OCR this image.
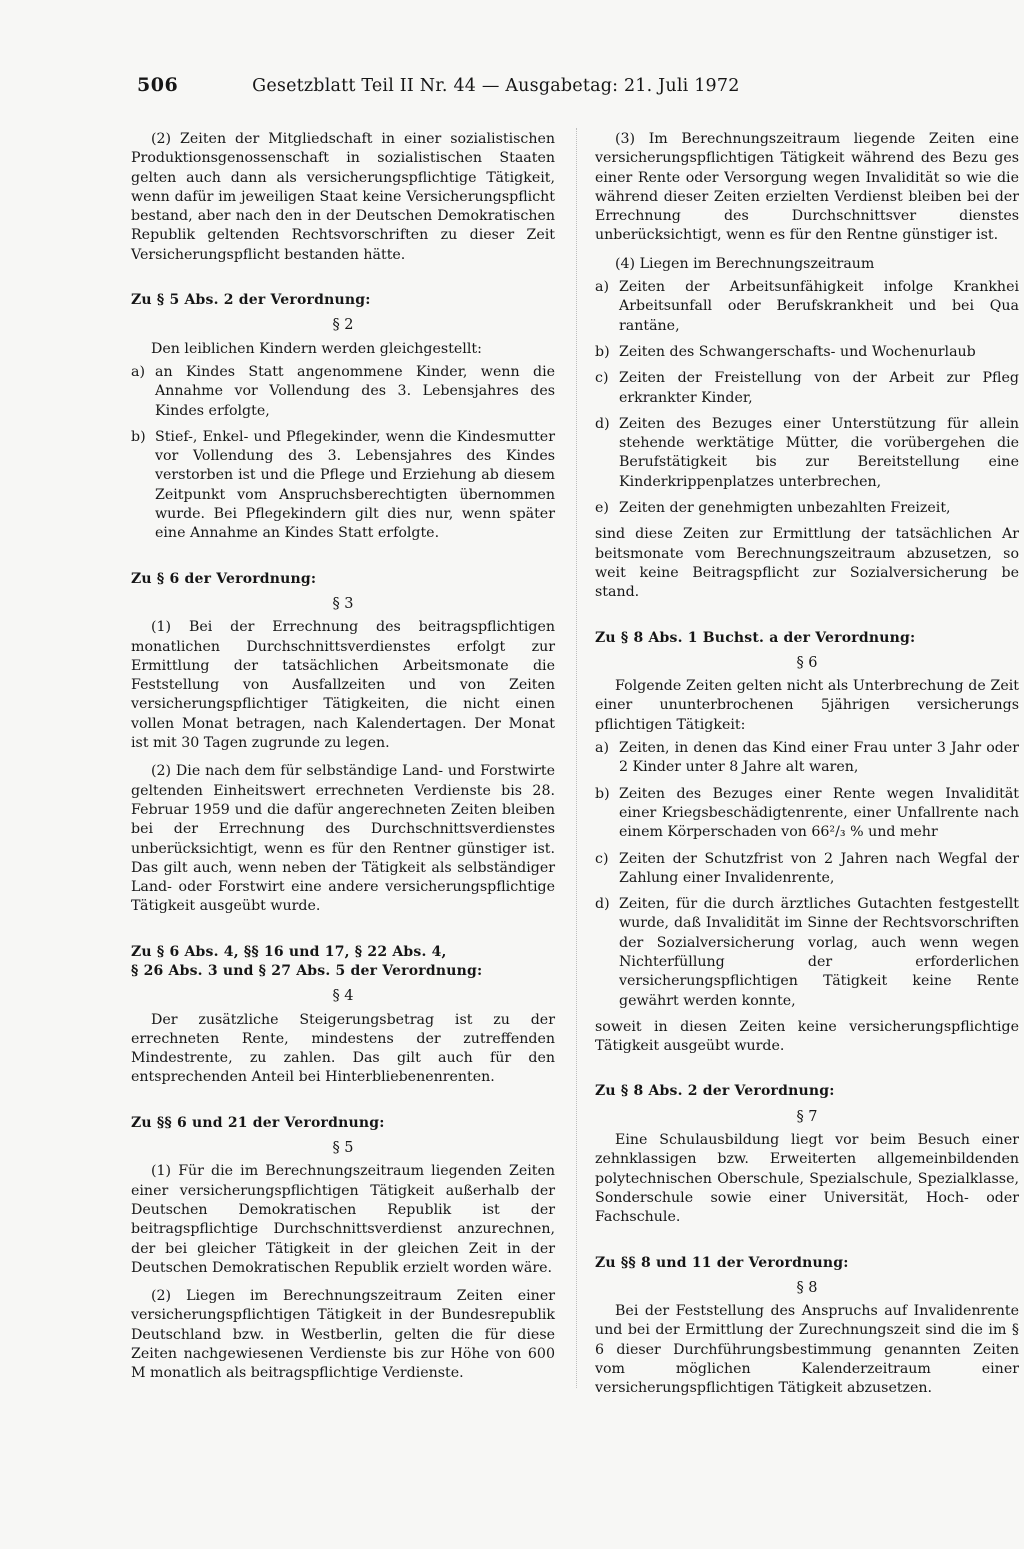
506	Gesetzblatt Teil II Nr. 44 — Ausgabetag: 21. Juli 1972

(2) Zeiten der Mitgliedschaft in einer sozialistischen Produktionsgenossenschaft in sozialistischen Staaten gelten auch dann als versicherungspflichtige Tätigkeit, wenn dafür im jeweiligen Staat keine Versicherungspflicht bestand, aber nach den in der Deutschen Demokratischen Republik geltenden Rechtsvorschriften zu dieser Zeit Versicherungspflicht bestanden hätte.

Zu § 5 Abs. 2 der Verordnung:

§ 2

Den leiblichen Kindern werden gleichgestellt:

a) an Kindes Statt angenommene Kinder, wenn die Annahme vor Vollendung des 3. Lebensjahres des Kindes erfolgte,
b) Stief-, Enkel- und Pflegekinder, wenn die Kindesmutter vor Vollendung des 3. Lebensjahres des Kindes verstorben ist und die Pflege und Erziehung ab diesem Zeitpunkt vom Anspruchsberechtigten übernommen wurde. Bei Pflegekindern gilt dies nur, wenn später eine Annahme an Kindes Statt erfolgte.

Zu § 6 der Verordnung:

§ 3

(1) Bei der Errechnung des beitragspflichtigen monatlichen Durchschnittsverdienstes erfolgt zur Ermittlung der tatsächlichen Arbeitsmonate die Feststellung von Ausfallzeiten und von Zeiten versicherungspflichtiger Tätigkeiten, die nicht einen vollen Monat betragen, nach Kalendertagen. Der Monat ist mit 30 Tagen zugrunde zu legen.

(2) Die nach dem für selbständige Land- und Forstwirte geltenden Einheitswert errechneten Verdienste bis 28. Februar 1959 und die dafür angerechneten Zeiten bleiben bei der Errechnung des Durchschnittsverdienstes unberücksichtigt, wenn es für den Rentner günstiger ist. Das gilt auch, wenn neben der Tätigkeit als selbständiger Land- oder Forstwirt eine andere versicherungspflichtige Tätigkeit ausgeübt wurde.

Zu § 6 Abs. 4, §§ 16 und 17, § 22 Abs. 4,
§ 26 Abs. 3 und § 27 Abs. 5 der Verordnung:

§ 4

Der zusätzliche Steigerungsbetrag ist zu der errechneten Rente, mindestens der zutreffenden Mindestrente, zu zahlen. Das gilt auch für den entsprechenden Anteil bei Hinterbliebenenrenten.

Zu §§ 6 und 21 der Verordnung:

§ 5

(1) Für die im Berechnungszeitraum liegenden Zeiten einer versicherungspflichtigen Tätigkeit außerhalb der Deutschen Demokratischen Republik ist der beitragspflichtige Durchschnittsverdienst anzurechnen, der bei gleicher Tätigkeit in der gleichen Zeit in der Deutschen Demokratischen Republik erzielt worden wäre.

(2) Liegen im Berechnungszeitraum Zeiten einer versicherungspflichtigen Tätigkeit in der Bundesrepublik Deutschland bzw. in Westberlin, gelten die für diese Zeiten nachgewiesenen Verdienste bis zur Höhe von 600 M monatlich als beitragspflichtige Verdienste.

(3) Im Berechnungszeitraum liegende Zeiten eine versicherungspflichtigen Tätigkeit während des Bezu ges einer Rente oder Versorgung wegen Invalidität so wie die während dieser Zeiten erzielten Verdienst bleiben bei der Errechnung des Durchschnittsver dienstes unberücksichtigt, wenn es für den Rentne günstiger ist.

(4) Liegen im Berechnungszeitraum

a) Zeiten der Arbeitsunfähigkeit infolge Krankhei Arbeitsunfall oder Berufskrankheit und bei Qua rantäne,
b) Zeiten des Schwangerschafts- und Wochenurlaub
c) Zeiten der Freistellung von der Arbeit zur Pfleg erkrankter Kinder,
d) Zeiten des Bezuges einer Unterstützung für allein stehende werktätige Mütter, die vorübergehen die Berufstätigkeit bis zur Bereitstellung eine Kinderkrippenplatzes unterbrechen,
e) Zeiten der genehmigten unbezahlten Freizeit,

sind diese Zeiten zur Ermittlung der tatsächlichen Ar beitsmonate vom Berechnungszeitraum abzusetzen, so weit keine Beitragspflicht zur Sozialversicherung be stand.

Zu § 8 Abs. 1 Buchst. a der Verordnung:

§ 6

Folgende Zeiten gelten nicht als Unterbrechung de Zeit einer ununterbrochenen 5jährigen versicherungs pflichtigen Tätigkeit:

a) Zeiten, in denen das Kind einer Frau unter 3 Jahr oder 2 Kinder unter 8 Jahre alt waren,
b) Zeiten des Bezuges einer Rente wegen Invalidität einer Kriegsbeschädigtenrente, einer Unfallrente nach einem Körperschaden von 66²/₃ % und mehr
c) Zeiten der Schutzfrist von 2 Jahren nach Wegfal der Zahlung einer Invalidenrente,
d) Zeiten, für die durch ärztliches Gutachten festgestellt wurde, daß Invalidität im Sinne der Rechtsvorschriften der Sozialversicherung vorlag, auch wenn wegen Nichterfüllung der erforderlichen versicherungspflichtigen Tätigkeit keine Rente gewährt werden konnte,

soweit in diesen Zeiten keine versicherungspflichtige Tätigkeit ausgeübt wurde.

Zu § 8 Abs. 2 der Verordnung:

§ 7

Eine Schulausbildung liegt vor beim Besuch einer zehnklassigen bzw. Erweiterten allgemeinbildenden polytechnischen Oberschule, Spezialschule, Spezialklasse, Sonderschule sowie einer Universität, Hoch- oder Fachschule.

Zu §§ 8 und 11 der Verordnung:

§ 8

Bei der Feststellung des Anspruchs auf Invalidenrente und bei der Ermittlung der Zurechnungszeit sind die im § 6 dieser Durchführungsbestimmung genannten Zeiten vom möglichen Kalenderzeitraum einer versicherungspflichtigen Tätigkeit abzusetzen.
